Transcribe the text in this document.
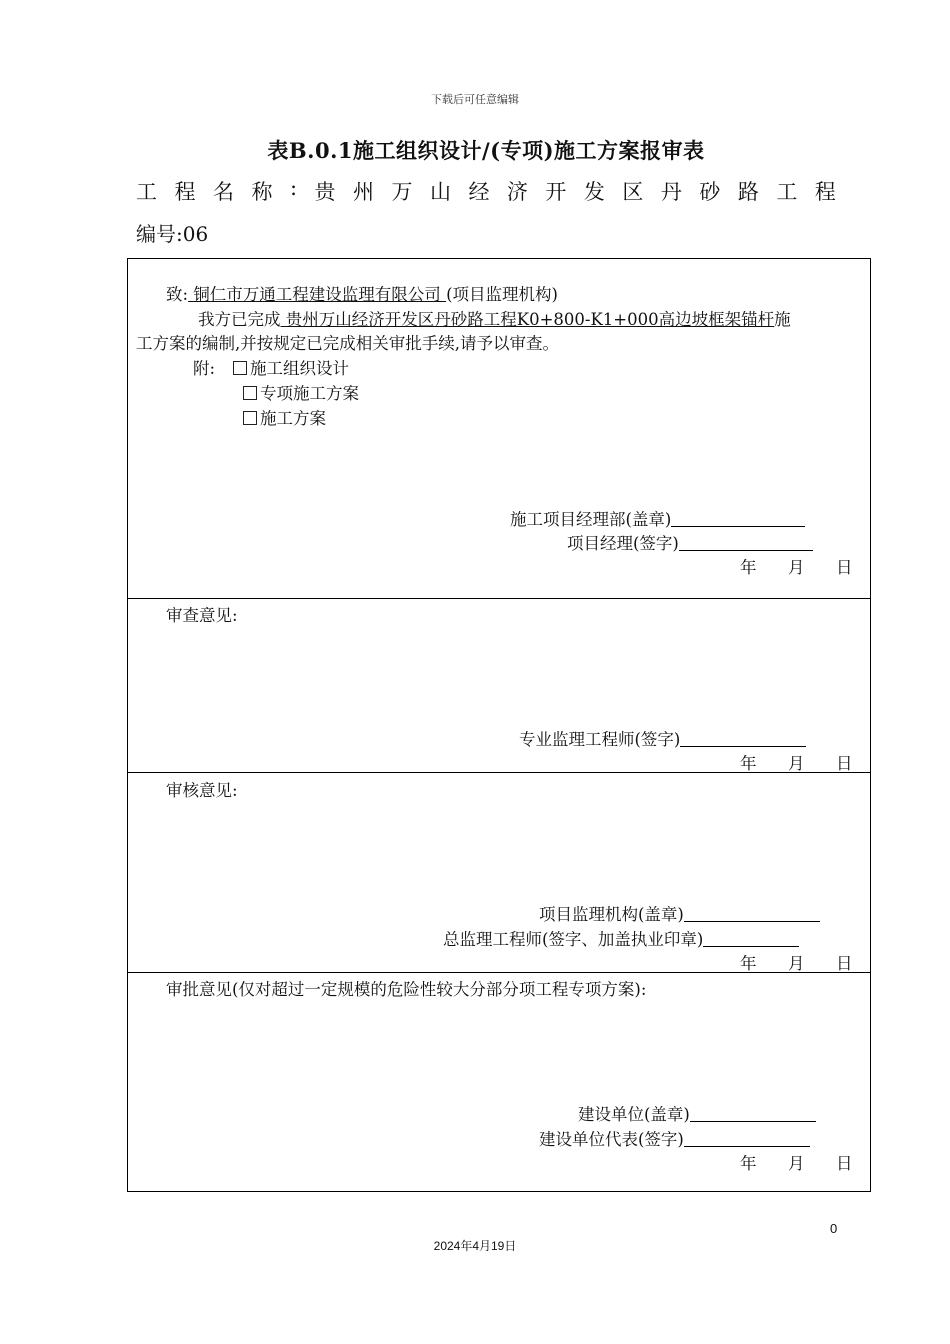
下载后可任意编辑
表B.0.1施工组织设计/(专项)施工方案报审表
工 程 名 称 : 贵 州 万 山 经 济 开 发 区 丹 砂 路 工 程
编号:06
致: 铜仁市万通工程建设监理有限公司 (项目监理机构)
我方已完成 贵州万山经济开发区丹砂路工程K0+800-K1+000高边坡框架锚杆施
工方案的编制,并按规定已完成相关审批手续,请予以审查。
附:	施工组织设计
专项施工方案
施工方案
施工项目经理部(盖章)
项目经理(签字)
年 月 日
审查意见:
专业监理工程师(签字)
年 月 日
审核意见:
项目监理机构(盖章)
总监理工程师(签字、加盖执业印章)
年 月 日
审批意见(仅对超过一定规模的危险性较大分部分项工程专项方案):
建设单位(盖章)
建设单位代表(签字)
年 月 日
0
2024年4月19日
